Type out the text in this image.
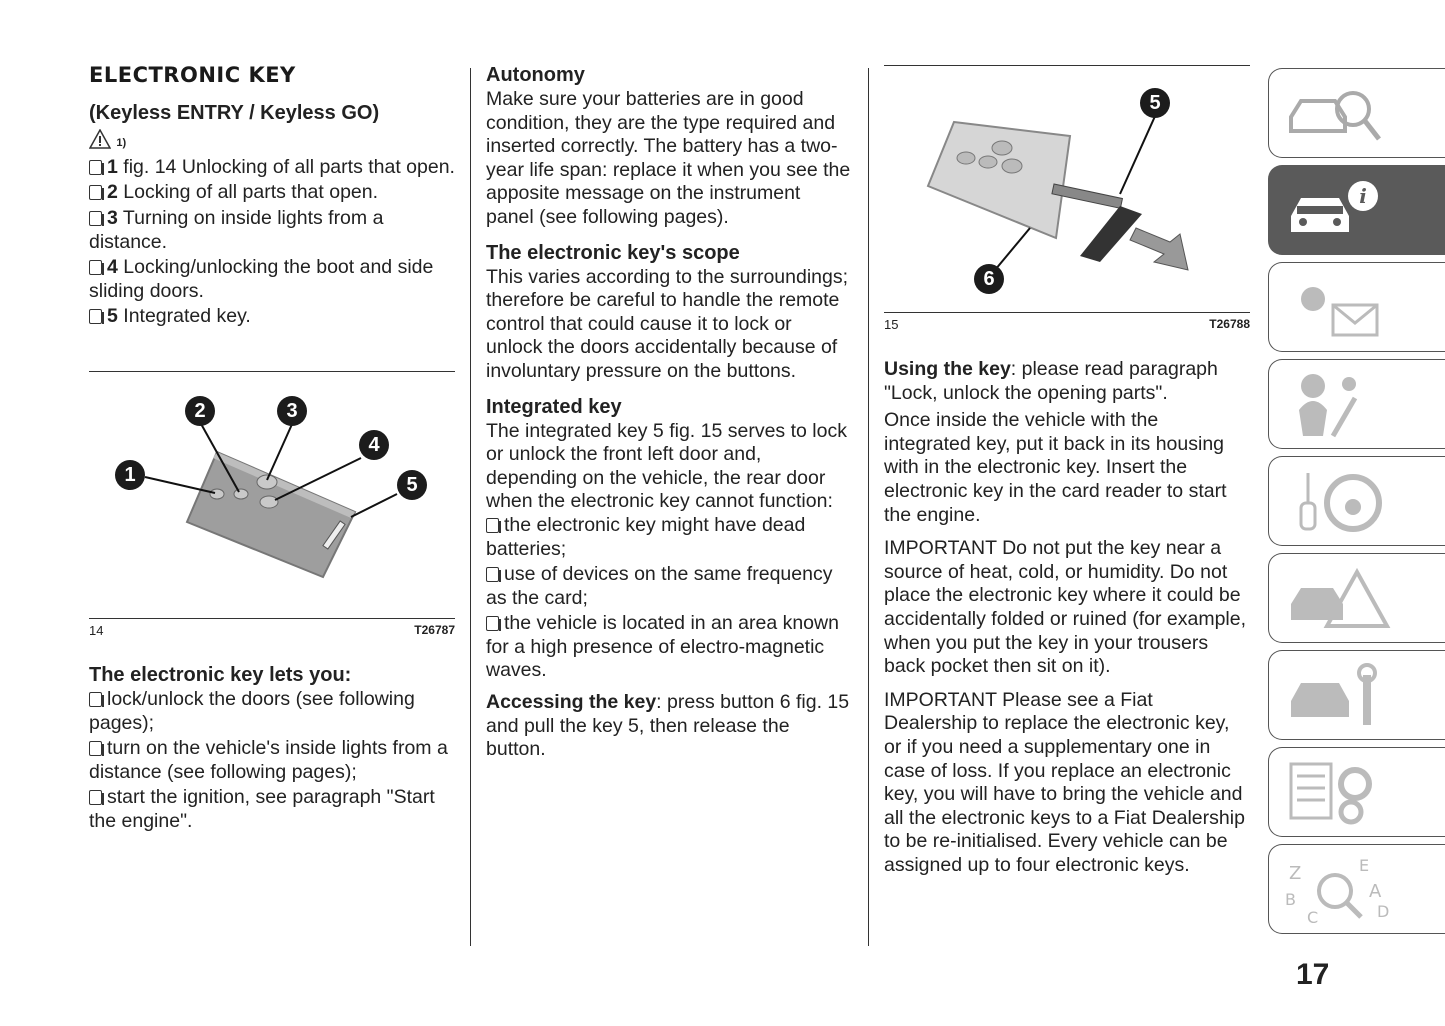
ELECTRONIC KEY

(Keyless ENTRY / Keyless GO)

1)

1 fig. 14 Unlocking of all parts that open.

2 Locking of all parts that open.

3 Turning on inside lights from a distance.

4 Locking/unlocking the boot and side sliding doors.

5 Integrated key.

1
2	3
4
5
14	T26787

The electronic key lets you:

lock/unlock the doors (see following pages);

turn on the vehicle's inside lights from a distance (see following pages);

start the ignition, see paragraph "Start the engine".

Autonomy

Make sure your batteries are in good condition, they are the type required and inserted correctly. The battery has a two-year life span: replace it when you see the apposite message on the instrument panel (see following pages).

The electronic key's scope

This varies according to the surroundings; therefore be careful to handle the remote control that could cause it to lock or unlock the doors accidentally because of involuntary pressure on the buttons.

Integrated key

The integrated key 5 fig. 15 serves to lock or unlock the front left door and, depending on the vehicle, the rear door when the electronic key cannot function:

the electronic key might have dead batteries;

use of devices on the same frequency as the card;

the vehicle is located in an area known for a high presence of electro-magnetic waves.

Accessing the key: press button 6 fig. 15 and pull the key 5, then release the button.

5
6
15	T26788

Using the key: please read paragraph "Lock, unlock the opening parts".

Once inside the vehicle with the integrated key, put it back in its housing with in the electronic key. Insert the electronic key in the card reader to start the engine.

IMPORTANT Do not put the key near a source of heat, cold, or humidity. Do not place the electronic key where it could be accidentally folded or ruined (for example, when you put the key in your trousers back pocket then sit on it).

IMPORTANT Please see a Fiat Dealership to replace the electronic key, or if you need a supplementary one in case of loss. If you replace an electronic key, you will have to bring the vehicle and all the electronic keys to a Fiat Dealership to be re-initialised. Every vehicle can be assigned up to four electronic keys.

i
Z	E
B	A
C	D
17
